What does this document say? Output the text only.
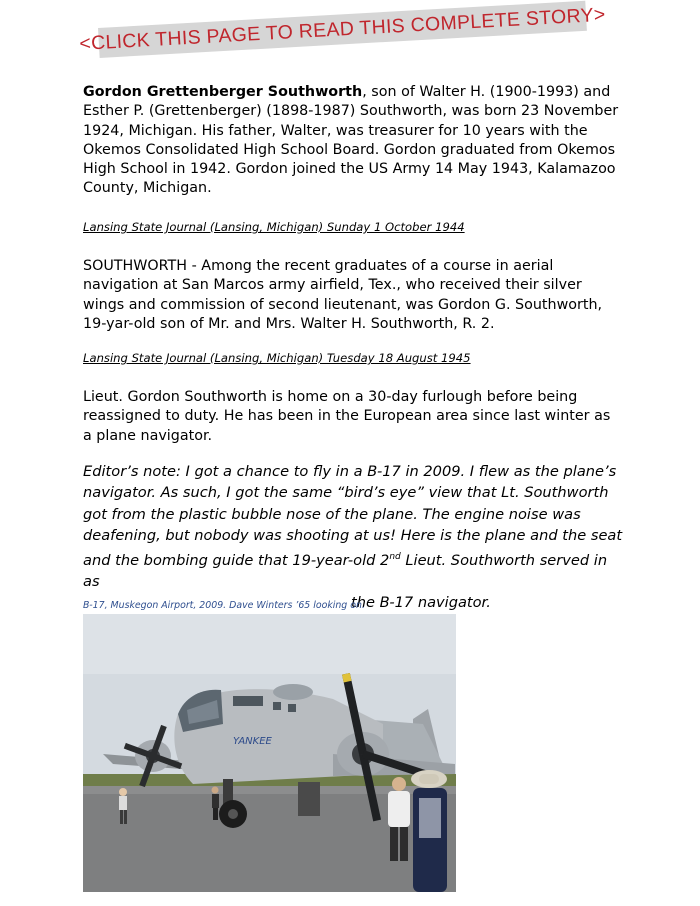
<CLICK THIS PAGE TO READ THIS COMPLETE STORY>

Gordon Grettenberger Southworth, son of Walter H. (1900-1993) and
Esther P. (Grettenberger) (1898-1987) Southworth, was born 23 November
1924, Michigan. His father, Walter, was treasurer for 10 years with the
Okemos Consolidated High School Board. Gordon graduated from Okemos
High School in 1942. Gordon joined the US Army 14 May 1943, Kalamazoo
County, Michigan.

Lansing State Journal (Lansing, Michigan) Sunday 1 October 1944

SOUTHWORTH - Among the recent graduates of a course in aerial
navigation at San Marcos army airfield, Tex., who received their silver
wings and commission of second lieutenant, was Gordon G. Southworth,
19-yar-old son of Mr. and Mrs. Walter H. Southworth, R. 2.

Lansing State Journal (Lansing, Michigan) Tuesday 18 August 1945

Lieut. Gordon Southworth is home on a 30-day furlough before being
reassigned to duty. He has been in the European area since last winter as
a plane navigator.

Editor’s note: I got a chance to fly in a B-17 in 2009. I flew as the plane’s
navigator. As such, I got the same “bird’s eye” view that Lt. Southworth
got from the plastic bubble nose of the plane. The engine noise was
deafening, but nobody was shooting at us! Here is the plane and the seat
and the bombing guide that 19-year-old 2nd Lieut. Southworth served in as

the B-17 navigator.

B-17, Muskegon Airport, 2009. Dave Winters ’65 looking on.

YANKEE
